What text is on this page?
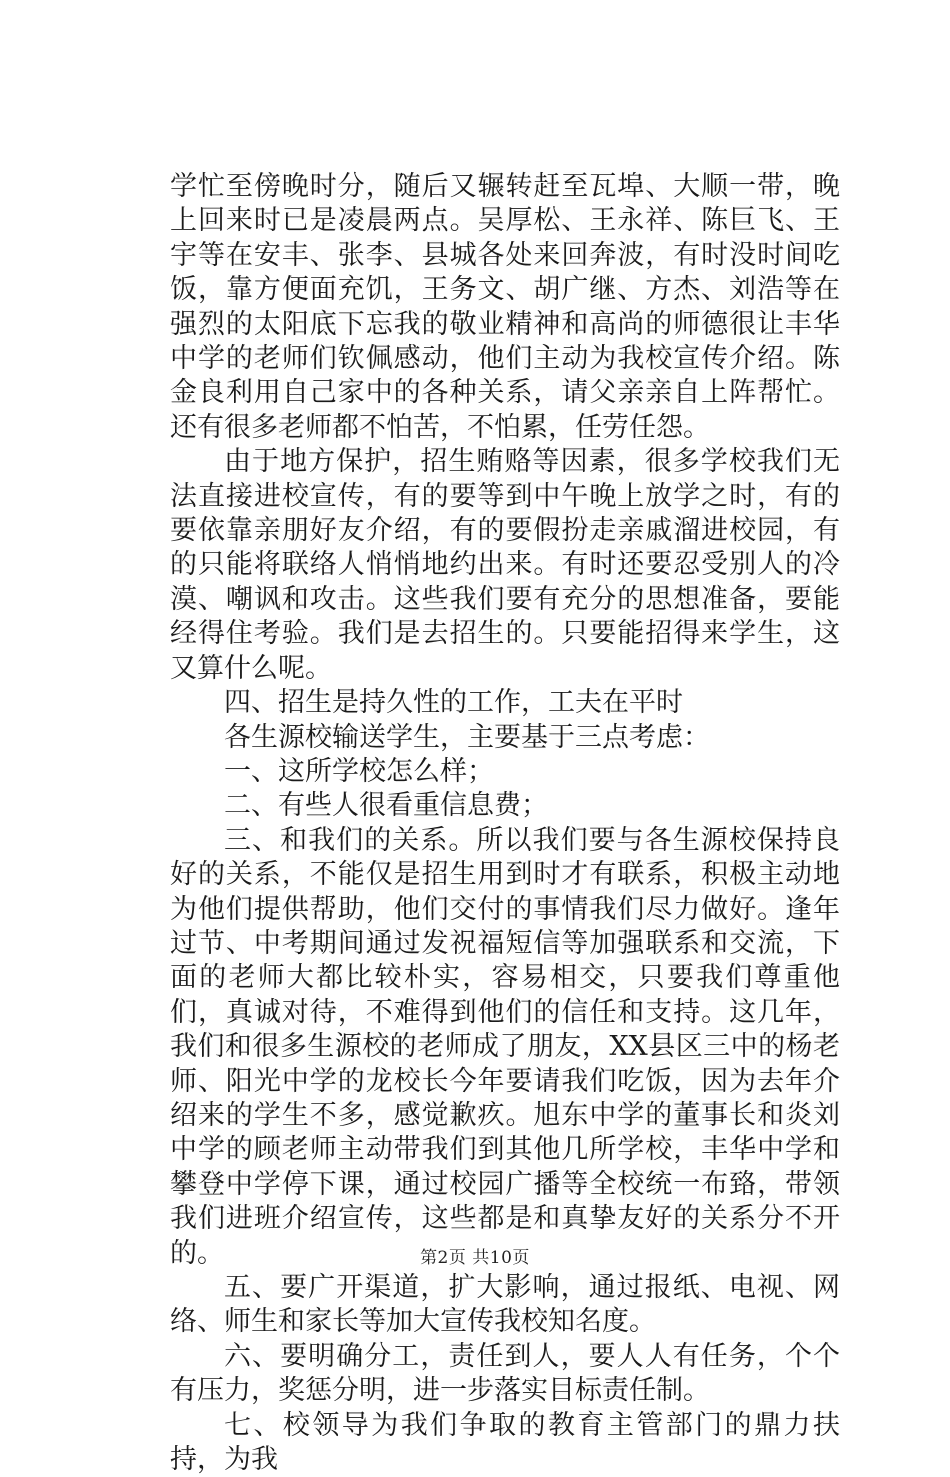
学忙至傍晚时分，随后又辗转赶至瓦埠、大顺一带，晚上回来时已是凌晨两点。吴厚松、王永祥、陈巨飞、王宇等在安丰、张李、县城各处来回奔波，有时没时间吃饭，靠方便面充饥，王务文、胡广继、方杰、刘浩等在强烈的太阳底下忘我的敬业精神和高尚的师德很让丰华中学的老师们钦佩感动，他们主动为我校宣传介绍。陈金良利用自己家中的各种关系，请父亲亲自上阵帮忙。还有很多老师都不怕苦，不怕累，任劳任怨。

由于地方保护，招生贿赂等因素，很多学校我们无法直接进校宣传，有的要等到中午晚上放学之时，有的要依靠亲朋好友介绍，有的要假扮走亲戚溜进校园，有的只能将联络人悄悄地约出来。有时还要忍受别人的冷漠、嘲讽和攻击。这些我们要有充分的思想准备，要能经得住考验。我们是去招生的。只要能招得来学生，这又算什么呢。

四、招生是持久性的工作，工夫在平时

各生源校输送学生，主要基于三点考虑：

一、这所学校怎么样；

二、有些人很看重信息费；

三、和我们的关系。所以我们要与各生源校保持良好的关系，不能仅是招生用到时才有联系，积极主动地为他们提供帮助，他们交付的事情我们尽力做好。逢年过节、中考期间通过发祝福短信等加强联系和交流，下面的老师大都比较朴实，容易相交，只要我们尊重他们，真诚对待，不难得到他们的信任和支持。这几年，我们和很多生源校的老师成了朋友，XX县区三中的杨老师、阳光中学的龙校长今年要请我们吃饭，因为去年介绍来的学生不多，感觉歉疚。旭东中学的董事长和炎刘中学的顾老师主动带我们到其他几所学校，丰华中学和攀登中学停下课，通过校园广播等全校统一布臵，带领我们进班介绍宣传，这些都是和真挚友好的关系分不开的。

五、要广开渠道，扩大影响，通过报纸、电视、网络、师生和家长等加大宣传我校知名度。

六、要明确分工，责任到人，要人人有任务，个个有压力，奖惩分明，进一步落实目标责任制。

七、校领导为我们争取的教育主管部门的鼎力扶持，为我

第2页 共10页
